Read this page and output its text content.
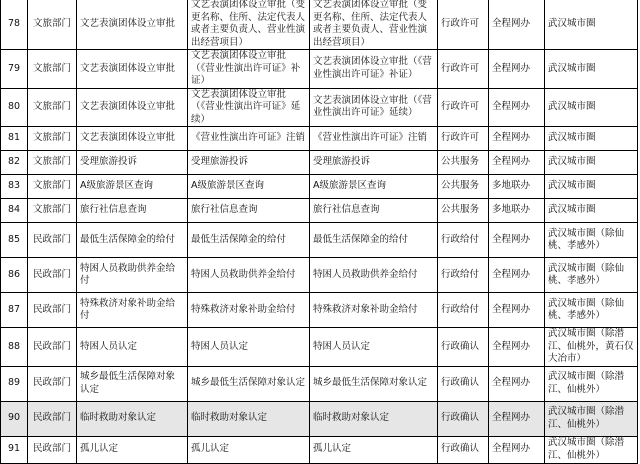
78	文旅部门	文艺表演团体设立审批	文艺表演团体设立审批（变更名称、住所、法定代表人或者主要负责人、营业性演出经营项目）	文艺表演团体设立审批（变更名称、住所、法定代表人或者主要负责人、营业性演出经营项目）	行政许可	全程网办	武汉城市圈
79	文旅部门	文艺表演团体设立审批	文艺表演团体设立审批（《营业性演出许可证》补证）	文艺表演团体设立审批（《营业性演出许可证》补证）	行政许可	全程网办	武汉城市圈
80	文旅部门	文艺表演团体设立审批	文艺表演团体设立审批（《营业性演出许可证》延续）	文艺表演团体设立审批（《营业性演出许可证》延续）	行政许可	全程网办	武汉城市圈
81	文旅部门	文艺表演团体设立审批	《营业性演出许可证》注销	《营业性演出许可证》注销	行政许可	全程网办	武汉城市圈
82	文旅部门	受理旅游投诉	受理旅游投诉	受理旅游投诉	公共服务	全程网办	武汉城市圈
83	文旅部门	A级旅游景区查询	A级旅游景区查询	A级旅游景区查询	公共服务	多地联办	武汉城市圈
84	文旅部门	旅行社信息查询	旅行社信息查询	旅行社信息查询	公共服务	多地联办	武汉城市圈
85	民政部门	最低生活保障金的给付	最低生活保障金的给付	最低生活保障金的给付	行政给付	全程网办	武汉城市圈（除仙桃、孝感外）
86	民政部门	特困人员救助供养金给付	特困人员救助供养金给付	特困人员救助供养金给付	行政给付	全程网办	武汉城市圈（除仙桃、孝感外）
87	民政部门	特殊救济对象补助金给付	特殊救济对象补助金给付	特殊救济对象补助金给付	行政给付	全程网办	武汉城市圈（除仙桃、孝感外）
88	民政部门	特困人员认定	特困人员认定	特困人员认定	行政确认	全程网办	武汉城市圈（除潜江、仙桃外，黄石仅大冶市）
89	民政部门	城乡最低生活保障对象认定	城乡最低生活保障对象认定	城乡最低生活保障对象认定	行政确认	全程网办	武汉城市圈（除潜江、仙桃外）
90	民政部门	临时救助对象认定	临时救助对象认定	临时救助对象认定	行政确认	全程网办	武汉城市圈（除潜江、仙桃外）
91	民政部门	孤儿认定	孤儿认定	孤儿认定	行政确认	全程网办	武汉城市圈（除潜江、仙桃外）
